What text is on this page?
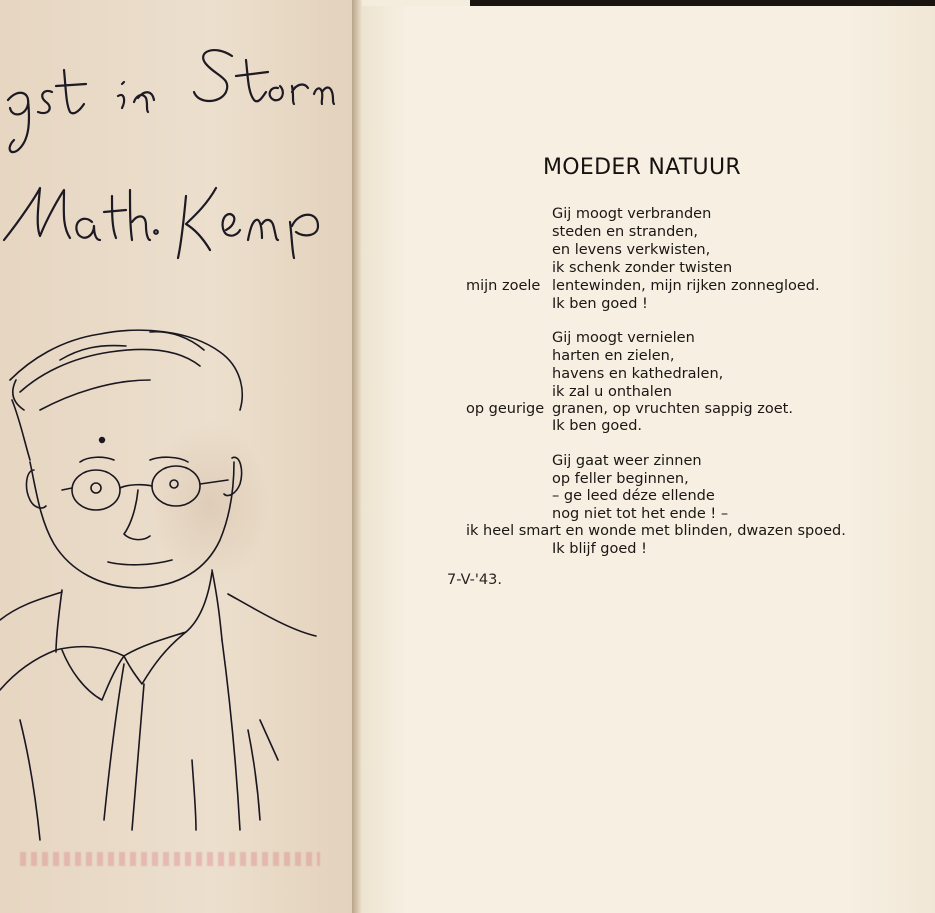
MOEDER NATUUR
Gij moogt verbranden
steden en stranden,
en levens verkwisten,
ik schenk zonder twisten
mijn zoele lentewinden, mijn rijken zonnegloed.
Ik ben goed !
Gij moogt vernielen
harten en zielen,
havens en kathedralen,
ik zal u onthalen
op geurige granen, op vruchten sappig zoet.
Ik ben goed.
Gij gaat weer zinnen
op feller beginnen,
– ge leed déze ellende
nog niet tot het ende ! –
ik heel smart en wonde met blinden, dwazen spoed.
Ik blijf goed !
7-V-'43.
